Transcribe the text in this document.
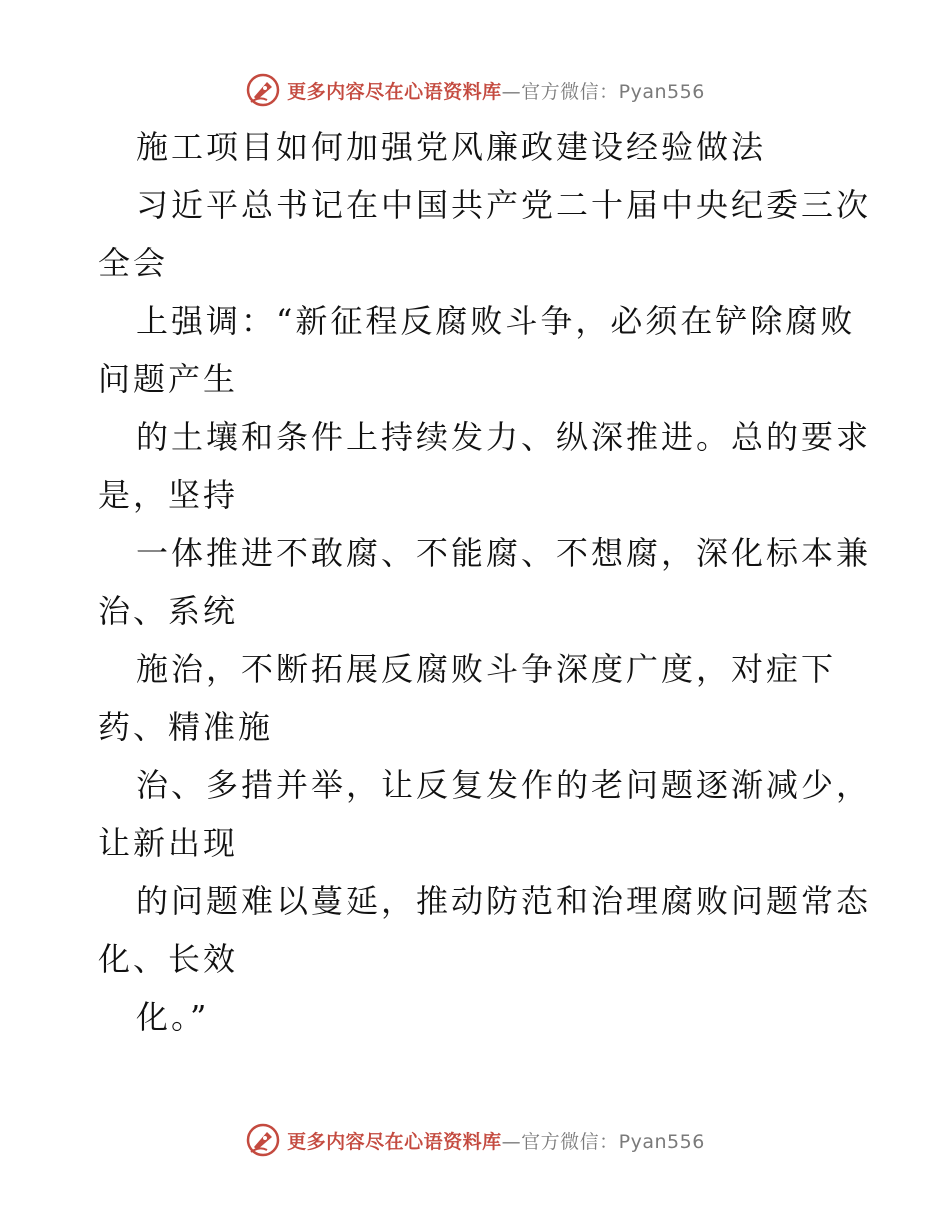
更多内容尽在心语资料库—官方微信：Pyan556
施工项目如何加强党风廉政建设经验做法
习近平总书记在中国共产党二十届中央纪委三次
全会
上强调：“新征程反腐败斗争，必须在铲除腐败
问题产生
的土壤和条件上持续发力、纵深推进。总的要求
是，坚持
一体推进不敢腐、不能腐、不想腐，深化标本兼
治、系统
施治，不断拓展反腐败斗争深度广度，对症下
药、精准施
治、多措并举，让反复发作的老问题逐渐减少，
让新出现
的问题难以蔓延，推动防范和治理腐败问题常态
化、长效
化。”
更多内容尽在心语资料库—官方微信：Pyan556
